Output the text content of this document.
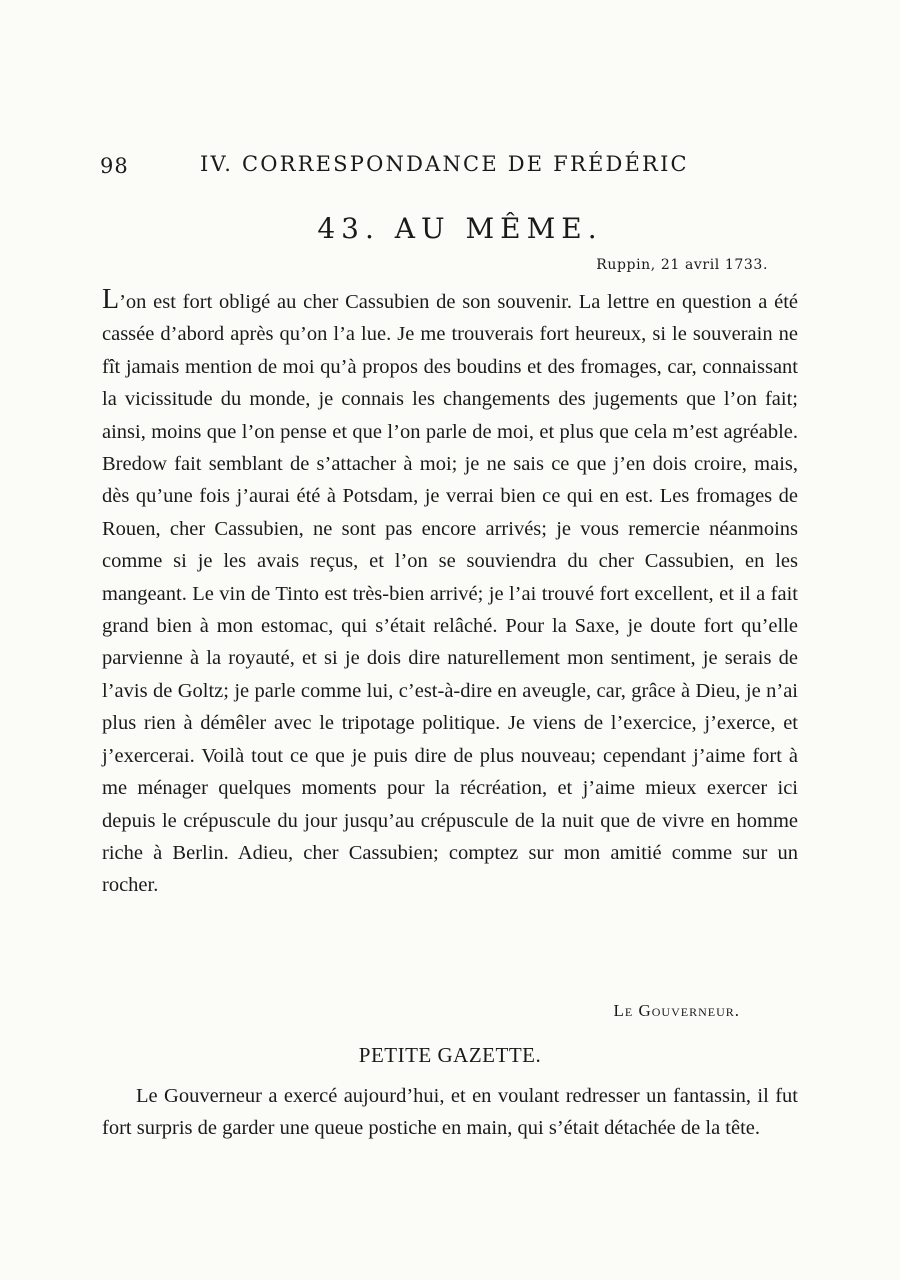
98	IV. CORRESPONDANCE DE FRÉDÉRIC
43. AU MÊME.
Ruppin, 21 avril 1733.

L’on est fort obligé au cher Cassubien de son souvenir. La lettre en question a été cassée d’abord après qu’on l’a lue. Je me trouverais fort heureux, si le souverain ne fît jamais mention de moi qu’à propos des boudins et des fromages, car, connaissant la vicissitude du monde, je connais les changements des jugements que l’on fait; ainsi, moins que l’on pense et que l’on parle de moi, et plus que cela m’est agréable. Bredow fait semblant de s’attacher à moi; je ne sais ce que j’en dois croire, mais, dès qu’une fois j’aurai été à Potsdam, je verrai bien ce qui en est. Les fromages de Rouen, cher Cassubien, ne sont pas encore arrivés; je vous remercie néanmoins comme si je les avais reçus, et l’on se souviendra du cher Cassubien, en les mangeant. Le vin de Tinto est très-bien arrivé; je l’ai trouvé fort excellent, et il a fait grand bien à mon estomac, qui s’était relâché. Pour la Saxe, je doute fort qu’elle parvienne à la royauté, et si je dois dire naturellement mon sentiment, je serais de l’avis de Goltz; je parle comme lui, c’est-à-dire en aveugle, car, grâce à Dieu, je n’ai plus rien à démêler avec le tripotage politique. Je viens de l’exercice, j’exerce, et j’exercerai. Voilà tout ce que je puis dire de plus nouveau; cependant j’aime fort à me ménager quelques moments pour la récréation, et j’aime mieux exercer ici depuis le crépuscule du jour jusqu’au crépuscule de la nuit que de vivre en homme riche à Berlin. Adieu, cher Cassubien; comptez sur mon amitié comme sur un rocher.

Le Gouverneur.
PETITE GAZETTE.

Le Gouverneur a exercé aujourd’hui, et en voulant redresser un fantassin, il fut fort surpris de garder une queue postiche en main, qui s’était détachée de la tête.
